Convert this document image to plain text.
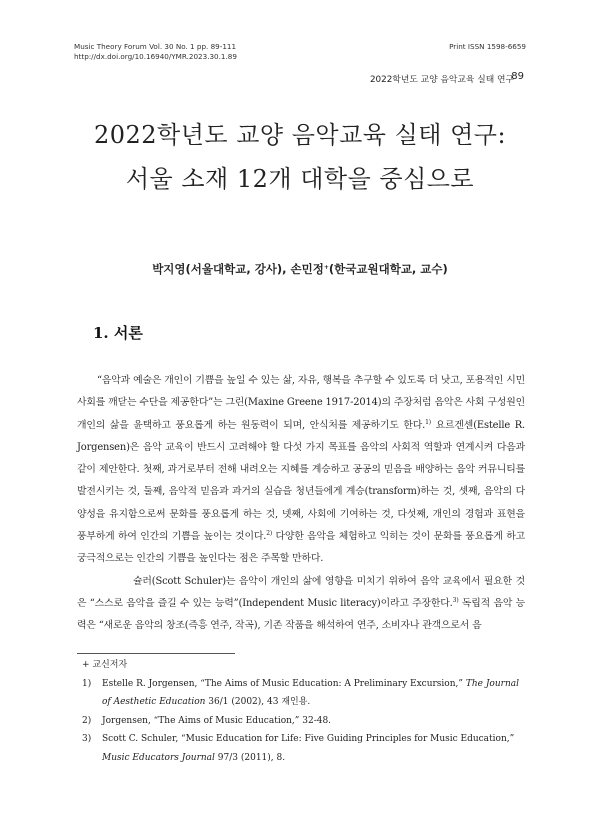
Music Theory Forum Vol. 30 No. 1 pp. 89-111
http://dx.doi.org/10.16940/YMR.2023.30.1.89
Print ISSN 1598-6659
2022학년도 교양 음악교육 실태 연구
89
2022학년도 교양 음악교육 실태 연구:
서울 소재 12개 대학을 중심으로
박지영(서울대학교, 강사), 손민정+(한국교원대학교, 교수)
1. 서론

“음악과 예술은 개인이 기쁨을 높일 수 있는 삶, 자유, 행복을 추구할 수 있도록 더 낫고, 포용적인 시민 사회를 깨닫는 수단을 제공한다”는 그린(Maxine Greene 1917-2014)의 주장처럼 음악은 사회 구성원인 개인의 삶을 윤택하고 풍요롭게 하는 원동력이 되며, 안식처를 제공하기도 한다.$^{1)}$ 요르겐센(Estelle R. Jorgensen)은 음악 교육이 반드시 고려해야 할 다섯 가지 목표를 음악의 사회적 역할과 연계시켜 다음과 같이 제안한다. 첫째, 과거로부터 전해 내려오는 지혜를 계승하고 공공의 믿음을 배양하는 음악 커뮤니티를 발전시키는 것, 둘째, 음악적 믿음과 과거의 실습을 청년들에게 계승(transform)하는 것, 셋째, 음악의 다양성을 유지함으로써 문화를 풍요롭게 하는 것, 넷째, 사회에 기여하는 것, 다섯째, 개인의 경험과 표현을 풍부하게 하여 인간의 기쁨을 높이는 것이다.$^{2)}$ 다양한 음악을 체험하고 익히는 것이 문화를 풍요롭게 하고 궁극적으로는 인간의 기쁨을 높인다는 점은 주목할 만하다.

슐러(Scott Schuler)는 음악이 개인의 삶에 영향을 미치기 위하여 음악 교육에서 필요한 것은 “스스로 음악을 즐길 수 있는 능력”(Independent Music literacy)이라고 주장한다.$^{3)}$ 독립적 음악 능력은 “새로운 음악의 창조(즉흥 연주, 작곡), 기존 작품을 해석하여 연주, 소비자나 관객으로서 음

+ 교신저자
1) Estelle R. Jorgensen, “The Aims of Music Education: A Preliminary Excursion,” The Journal of Aesthetic Education 36/1 (2002), 43 재인용.
2) Jorgensen, “The Aims of Music Education,” 32-48.
3) Scott C. Schuler, “Music Education for Life: Five Guiding Principles for Music Education,” Music Educators Journal 97/3 (2011), 8.
